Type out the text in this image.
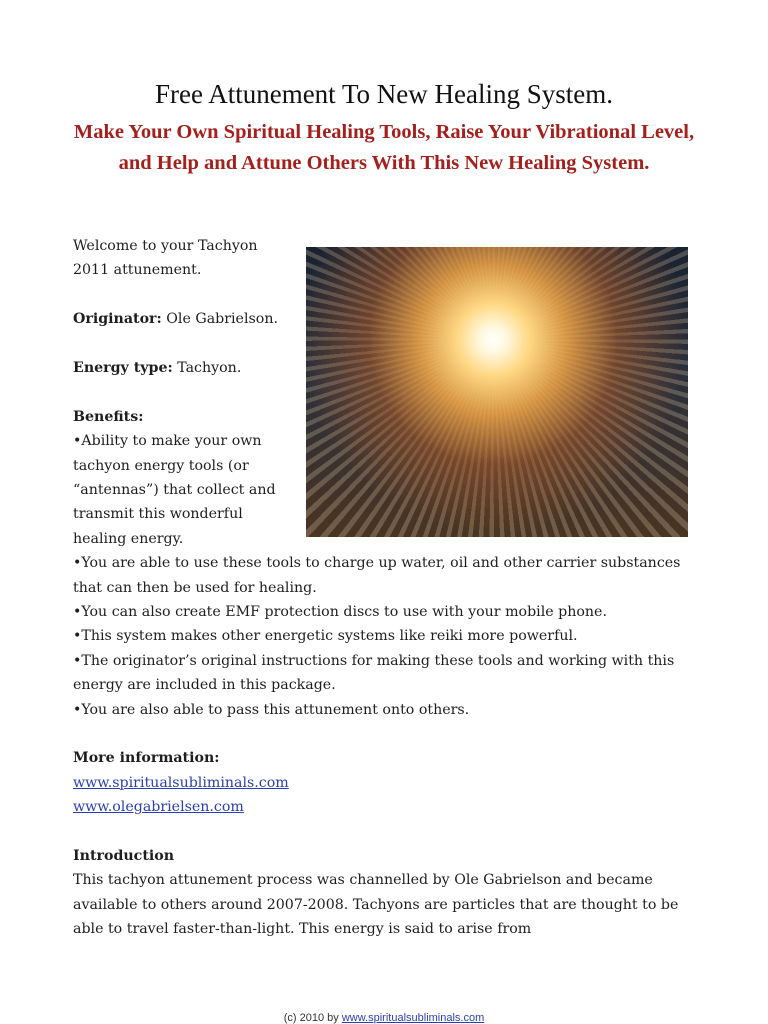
Free Attunement To New Healing System.
Make Your Own Spiritual Healing Tools, Raise Your Vibrational Level, and Help and Attune Others With This New Healing System.

Welcome to your Tachyon 2011 attunement.

Originator: Ole Gabrielson.

Energy type: Tachyon.

Benefits:

•Ability to make your own tachyon energy tools (or “antennas”) that collect and transmit this wonderful healing energy.

•You are able to use these tools to charge up water, oil and other carrier substances that can then be used for healing.

•You can also create EMF protection discs to use with your mobile phone.

•This system makes other energetic systems like reiki more powerful.

•The originator’s original instructions for making these tools and working with this energy are included in this package.

•You are also able to pass this attunement onto others.

More information:

www.spiritualsubliminals.com

www.olegabrielsen.com

Introduction

This tachyon attunement process was channelled by Ole Gabrielson and became available to others around 2007-2008. Tachyons are particles that are thought to be able to travel faster-than-light. This energy is said to arise from

(c) 2010 by www.spiritualsubliminals.com
